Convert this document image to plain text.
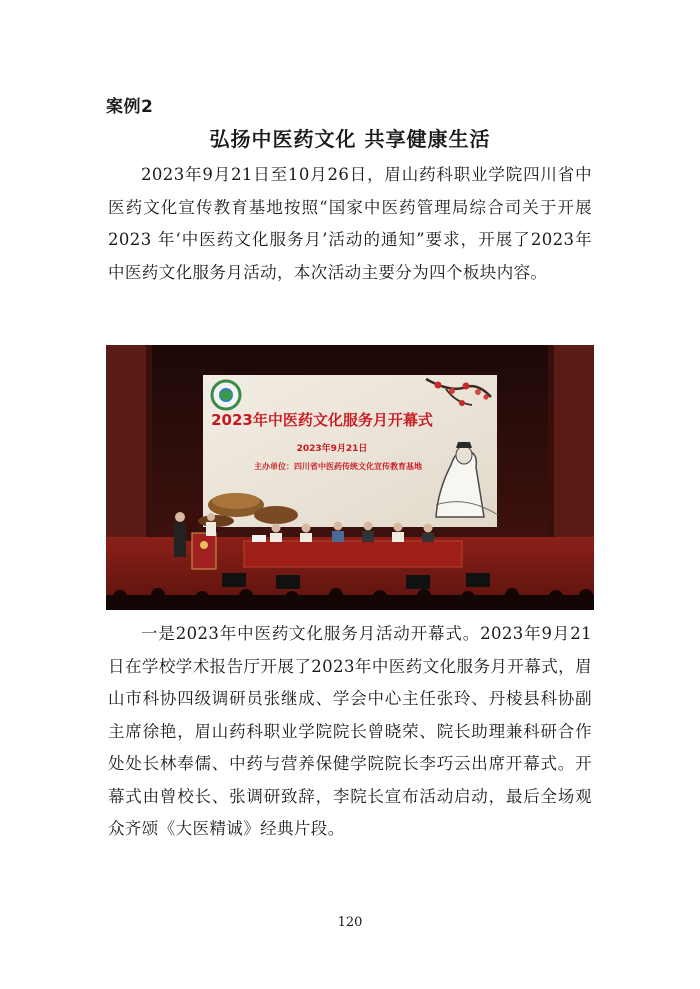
案例2
弘扬中医药文化 共享健康生活

2023年9月21日至10月26日，眉山药科职业学院四川省中医药文化宣传教育基地按照“国家中医药管理局综合司关于开展 2023 年‘中医药文化服务月’活动的通知”要求，开展了2023年中医药文化服务月活动，本次活动主要分为四个板块内容。

2023年中医药文化服务月开幕式
2023年9月21日
主办单位：四川省中医药传统文化宣传教育基地

一是2023年中医药文化服务月活动开幕式。2023年9月21日在学校学术报告厅开展了2023年中医药文化服务月开幕式，眉山市科协四级调研员张继成、学会中心主任张玲、丹棱县科协副主席徐艳，眉山药科职业学院院长曾晓荣、院长助理兼科研合作处处长林奉儒、中药与营养保健学院院长李巧云出席开幕式。开幕式由曾校长、张调研致辞，李院长宣布活动启动，最后全场观众齐颂《大医精诚》经典片段。

120
